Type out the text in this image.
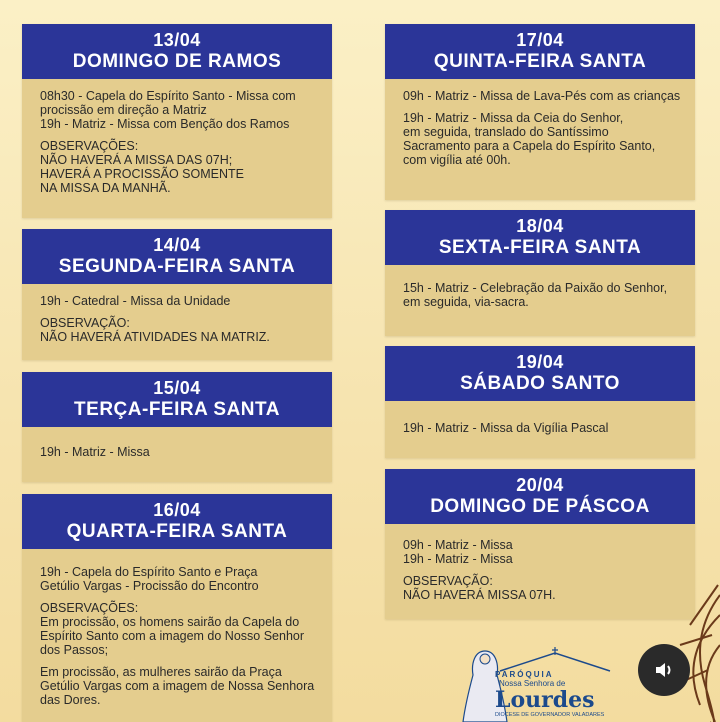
13/04
DOMINGO DE RAMOS

08h30 - Capela do Espírito Santo - Missa com procissão em direção a Matriz
19h - Matriz - Missa com Benção dos Ramos

OBSERVAÇÕES:
NÃO HAVERÁ A MISSA DAS 07H;
HAVERÁ A PROCISSÃO SOMENTE
NA MISSA DA MANHÃ.

14/04
SEGUNDA-FEIRA SANTA

19h - Catedral - Missa da Unidade

OBSERVAÇÃO:
NÃO HAVERÁ ATIVIDADES NA MATRIZ.

15/04
TERÇA-FEIRA SANTA

19h - Matriz - Missa

16/04
QUARTA-FEIRA SANTA

19h - Capela do Espírito Santo e Praça
Getúlio Vargas - Procissão do Encontro

OBSERVAÇÕES:
Em procissão, os homens sairão da Capela do Espírito Santo com a imagem do Nosso Senhor dos Passos;

Em procissão, as mulheres sairão da Praça Getúlio Vargas com a imagem de Nossa Senhora das Dores.

17/04
QUINTA-FEIRA SANTA

09h - Matriz - Missa de Lava-Pés com as crianças

19h - Matriz - Missa da Ceia do Senhor,
em seguida, translado do Santíssimo
Sacramento para a Capela do Espírito Santo,
com vigília até 00h.

18/04
SEXTA-FEIRA SANTA

15h - Matriz - Celebração da Paixão do Senhor, em seguida, via-sacra.

19/04
SÁBADO SANTO

19h - Matriz - Missa da Vigília Pascal

20/04
DOMINGO DE PÁSCOA

09h - Matriz - Missa
19h - Matriz - Missa

OBSERVAÇÃO:
NÃO HAVERÁ MISSA 07H.

PARÓQUIA
Nossa Senhora de
Lourdes
DIOCESE DE GOVERNADOR VALADARES
